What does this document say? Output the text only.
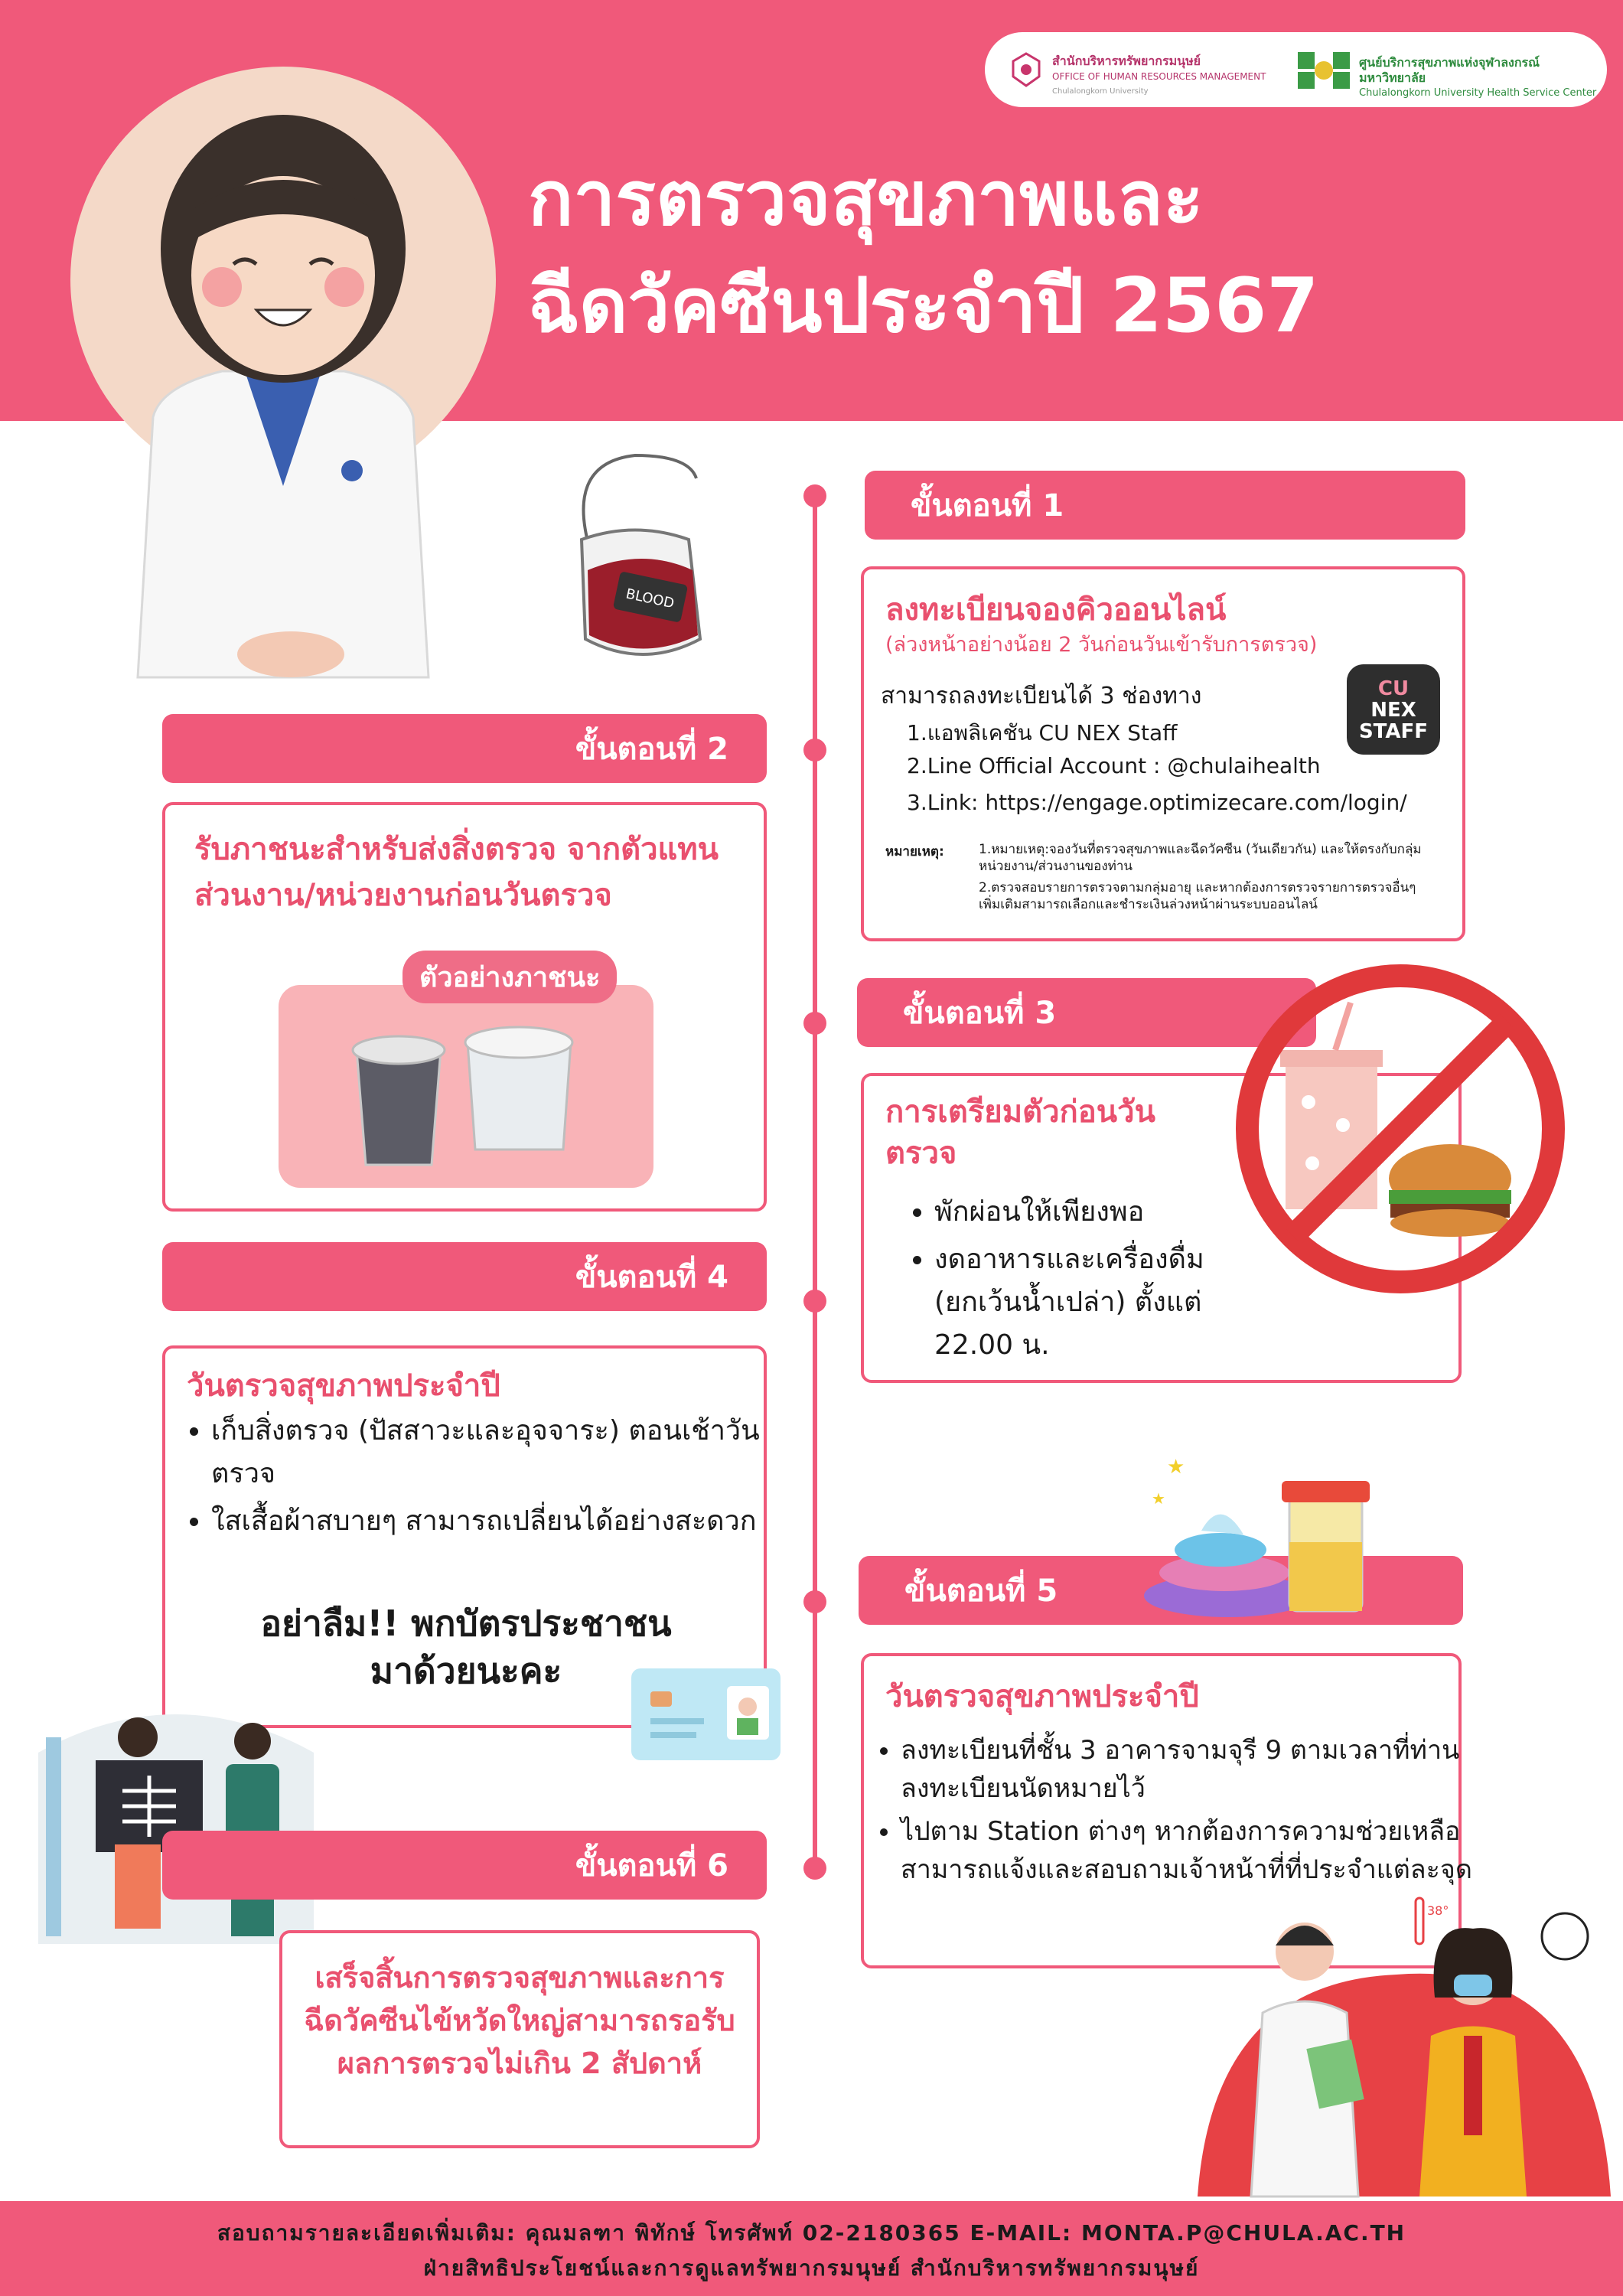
สำนักบริหารทรัพยากรมนุษย์
OFFICE OF HUMAN RESOURCES MANAGEMENT
Chulalongkorn University
ศูนย์บริการสุขภาพแห่งจุฬาลงกรณ์มหาวิทยาลัย
Chulalongkorn University Health Service Center
การตรวจสุขภาพและ
ฉีดวัคซีนประจำปี 2567
BLOOD
ขั้นตอนที่ 1
ลงทะเบียนจองคิวออนไลน์
(ล่วงหน้าอย่างน้อย 2 วันก่อนวันเข้ารับการตรวจ)
สามารถลงทะเบียนได้ 3 ช่องทาง
1.แอพลิเคชัน CU NEX Staff
2.Line Official Account : @chulaihealth
3.Link: https://engage.optimizecare.com/login/
หมายเหตุ:	1.หมายเหตุ:จองวันที่ตรวจสุขภาพและฉีดวัคซีน (วันเดียวกัน) และให้ตรงกับกลุ่มหน่วยงาน/ส่วนงานของท่าน
2.ตรวจสอบรายการตรวจตามกลุ่มอายุ และหากต้องการตรวจรายการตรวจอื่นๆ เพิ่มเติมสามารถเลือกและชำระเงินล่วงหน้าผ่านระบบออนไลน์
CU
NEX
STAFF
ขั้นตอนที่ 2
รับภาชนะสำหรับส่งสิ่งตรวจ จากตัวแทนส่วนงาน/หน่วยงานก่อนวันตรวจ
ตัวอย่างภาชนะ
ขั้นตอนที่ 3
การเตรียมตัวก่อนวันตรวจ
• พักผ่อนให้เพียงพอ
• งดอาหารและเครื่องดื่ม (ยกเว้นน้ำเปล่า) ตั้งแต่ 22.00 น.
ขั้นตอนที่ 4
วันตรวจสุขภาพประจำปี
• เก็บสิ่งตรวจ (ปัสสาวะและอุจจาระ) ตอนเช้าวันตรวจ
• ใสเสื้อผ้าสบายๆ สามารถเปลี่ยนได้อย่างสะดวก
อย่าลืม!! พกบัตรประชาชน
มาด้วยนะคะ
ขั้นตอนที่ 5
★
★
วันตรวจสุขภาพประจำปี
• ลงทะเบียนที่ชั้น 3 อาคารจามจุรี 9 ตามเวลาที่ท่านลงทะเบียนนัดหมายไว้
• ไปตาม Station ต่างๆ หากต้องการความช่วยเหลือสามารถแจ้งและสอบถามเจ้าหน้าที่ที่ประจำแต่ละจุด
ขั้นตอนที่ 6
เสร็จสิ้นการตรวจสุขภาพและการฉีดวัคซีนไข้หวัดใหญ่สามารถรอรับผลการตรวจไม่เกิน 2 สัปดาห์
38°
สอบถามรายละเอียดเพิ่มเติม: คุณมลฑา พิทักษ์ โทรศัพท์ 02-2180365 E-MAIL: MONTA.P@CHULA.AC.TH
ฝ่ายสิทธิประโยชน์และการดูแลทรัพยากรมนุษย์ สำนักบริหารทรัพยากรมนุษย์
